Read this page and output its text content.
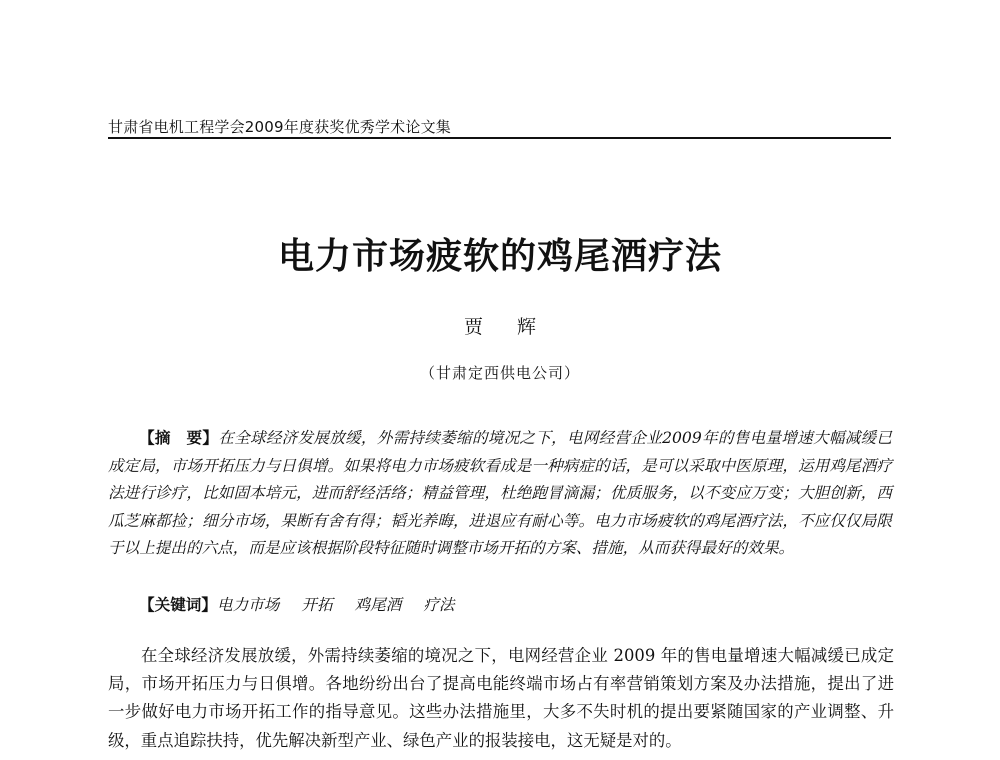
甘肃省电机工程学会2009年度获奖优秀学术论文集
电力市场疲软的鸡尾酒疗法
贾 辉
（甘肃定西供电公司）

【摘　要】在全球经济发展放缓，外需持续萎缩的境况之下，电网经营企业2009年的售电量增速大幅减缓已成定局，市场开拓压力与日俱增。如果将电力市场疲软看成是一种病症的话，是可以采取中医原理，运用鸡尾酒疗法进行诊疗，比如固本培元，进而舒经活络；精益管理，杜绝跑冒滴漏；优质服务，以不变应万变；大胆创新，西瓜芝麻都捡；细分市场，果断有舍有得；韬光养晦，进退应有耐心等。电力市场疲软的鸡尾酒疗法，不应仅仅局限于以上提出的六点，而是应该根据阶段特征随时调整市场开拓的方案、措施，从而获得最好的效果。

【关键词】电力市场 开拓 鸡尾酒 疗法

在全球经济发展放缓，外需持续萎缩的境况之下，电网经营企业 2009 年的售电量增速大幅减缓已成定局，市场开拓压力与日俱增。各地纷纷出台了提高电能终端市场占有率营销策划方案及办法措施，提出了进一步做好电力市场开拓工作的指导意见。这些办法措施里，大多不失时机的提出要紧随国家的产业调整、升级，重点追踪扶持，优先解决新型产业、绿色产业的报装接电，这无疑是对的。
